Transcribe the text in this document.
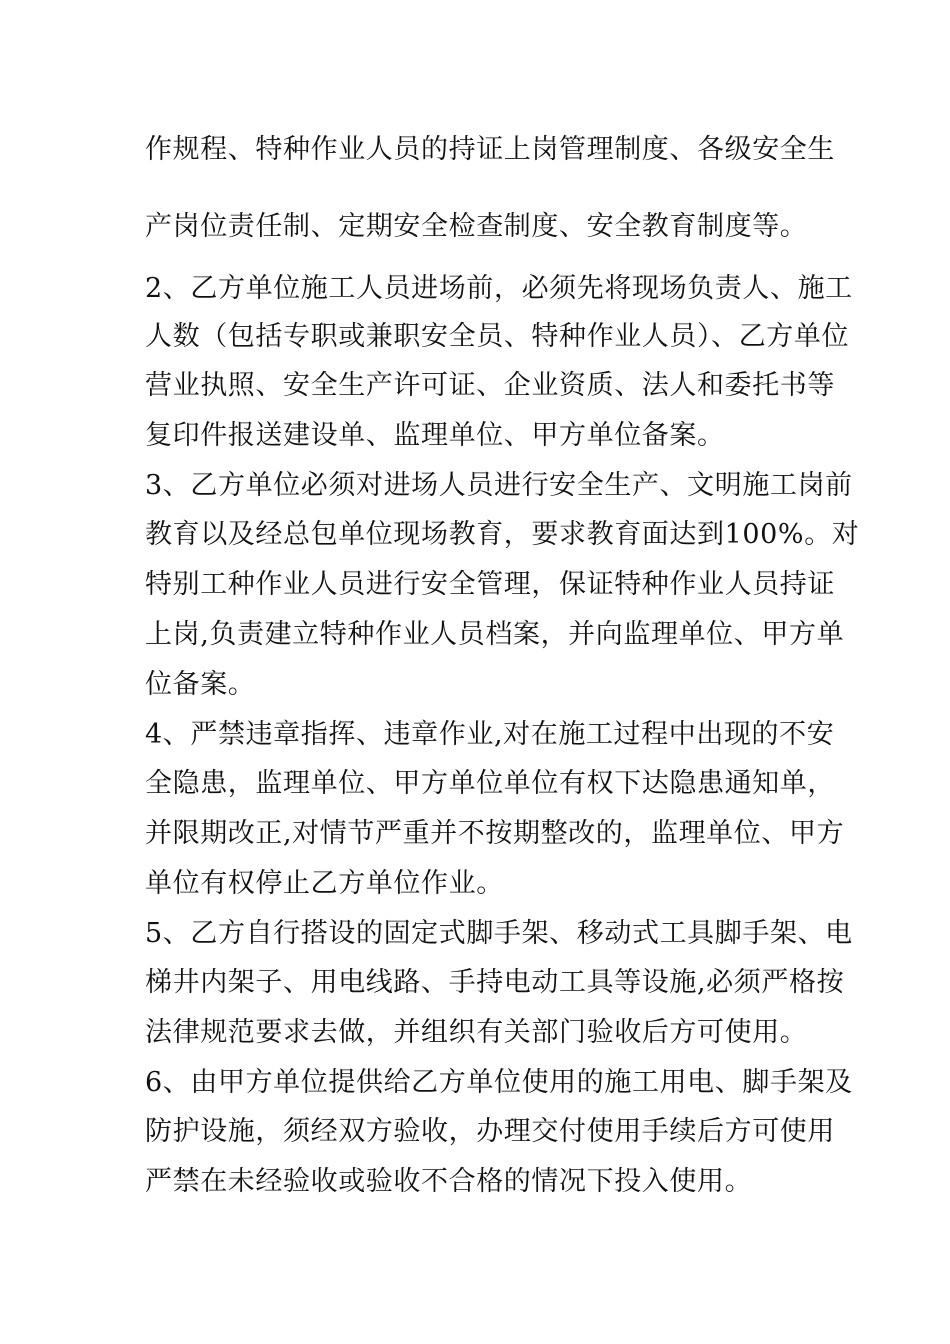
作规程、特种作业人员的持证上岗管理制度、各级安全生
产岗位责任制、定期安全检查制度、安全教育制度等。
2、乙方单位施工人员进场前，必须先将现场负责人、施工
人数（包括专职或兼职安全员、特种作业人员）、乙方单位
营业执照、安全生产许可证、企业资质、法人和委托书等
复印件报送建设单、监理单位、甲方单位备案。
3、乙方单位必须对进场人员进行安全生产、文明施工岗前
教育以及经总包单位现场教育，要求教育面达到100%。对
特别工种作业人员进行安全管理，保证特种作业人员持证
上岗,负责建立特种作业人员档案，并向监理单位、甲方单
位备案。
4、严禁违章指挥、违章作业,对在施工过程中出现的不安
全隐患，监理单位、甲方单位单位有权下达隐患通知单，
并限期改正,对情节严重并不按期整改的，监理单位、甲方
单位有权停止乙方单位作业。
5、乙方自行搭设的固定式脚手架、移动式工具脚手架、电
梯井内架子、用电线路、手持电动工具等设施,必须严格按
法律规范要求去做，并组织有关部门验收后方可使用。
6、由甲方单位提供给乙方单位使用的施工用电、脚手架及
防护设施，须经双方验收，办理交付使用手续后方可使用
严禁在未经验收或验收不合格的情况下投入使用。
